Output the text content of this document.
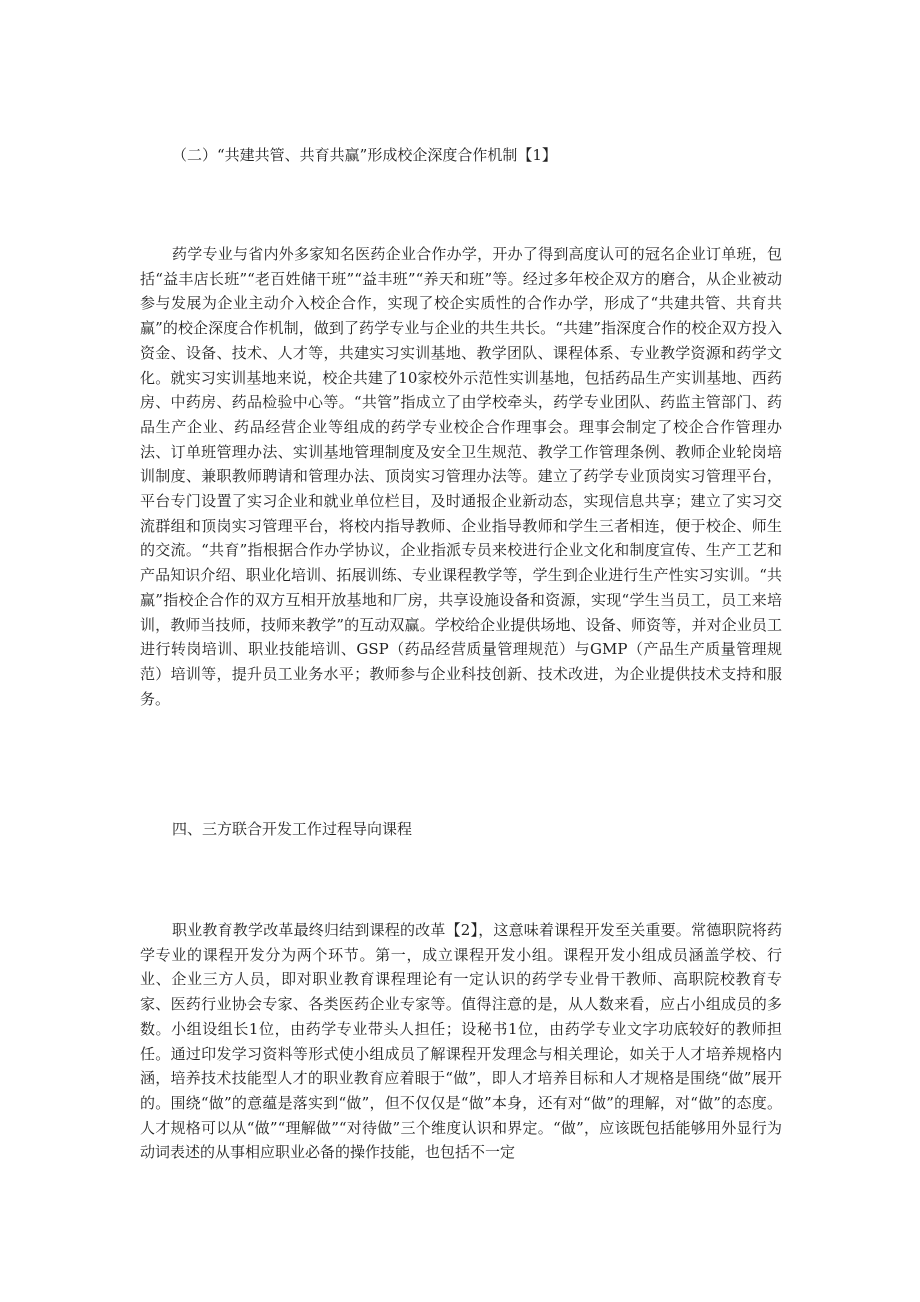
（二）“共建共管、共育共赢”形成校企深度合作机制【1】

药学专业与省内外多家知名医药企业合作办学，开办了得到高度认可的冠名企业订单班，包括“益丰店长班”“老百姓储干班”“益丰班”“养天和班”等。经过多年校企双方的磨合，从企业被动参与发展为企业主动介入校企合作，实现了校企实质性的合作办学，形成了“共建共管、共育共赢”的校企深度合作机制，做到了药学专业与企业的共生共长。“共建”指深度合作的校企双方投入资金、设备、技术、人才等，共建实习实训基地、教学团队、课程体系、专业教学资源和药学文化。就实习实训基地来说，校企共建了10家校外示范性实训基地，包括药品生产实训基地、西药房、中药房、药品检验中心等。“共管”指成立了由学校牵头，药学专业团队、药监主管部门、药品生产企业、药品经营企业等组成的药学专业校企合作理事会。理事会制定了校企合作管理办法、订单班管理办法、实训基地管理制度及安全卫生规范、教学工作管理条例、教师企业轮岗培训制度、兼职教师聘请和管理办法、顶岗实习管理办法等。建立了药学专业顶岗实习管理平台，平台专门设置了实习企业和就业单位栏目，及时通报企业新动态，实现信息共享；建立了实习交流群组和顶岗实习管理平台，将校内指导教师、企业指导教师和学生三者相连，便于校企、师生的交流。“共育”指根据合作办学协议，企业指派专员来校进行企业文化和制度宣传、生产工艺和产品知识介绍、职业化培训、拓展训练、专业课程教学等，学生到企业进行生产性实习实训。“共赢”指校企合作的双方互相开放基地和厂房，共享设施设备和资源，实现“学生当员工，员工来培训，教师当技师，技师来教学”的互动双赢。学校给企业提供场地、设备、师资等，并对企业员工进行转岗培训、职业技能培训、GSP（药品经营质量管理规范）与GMP（产品生产质量管理规范）培训等，提升员工业务水平；教师参与企业科技创新、技术改进，为企业提供技术支持和服务。

四、三方联合开发工作过程导向课程

职业教育教学改革最终归结到课程的改革【2】，这意味着课程开发至关重要。常德职院将药学专业的课程开发分为两个环节。第一，成立课程开发小组。课程开发小组成员涵盖学校、行业、企业三方人员，即对职业教育课程理论有一定认识的药学专业骨干教师、高职院校教育专家、医药行业协会专家、各类医药企业专家等。值得注意的是，从人数来看，应占小组成员的多数。小组设组长1位，由药学专业带头人担任；设秘书1位，由药学专业文字功底较好的教师担任。通过印发学习资料等形式使小组成员了解课程开发理念与相关理论，如关于人才培养规格内涵，培养技术技能型人才的职业教育应着眼于“做”，即人才培养目标和人才规格是围绕“做”展开的。围绕“做”的意蕴是落实到“做”，但不仅仅是“做”本身，还有对“做”的理解，对“做”的态度。人才规格可以从“做”“理解做”“对待做”三个维度认识和界定。“做”，应该既包括能够用外显行为动词表述的从事相应职业必备的操作技能，也包括不一定
